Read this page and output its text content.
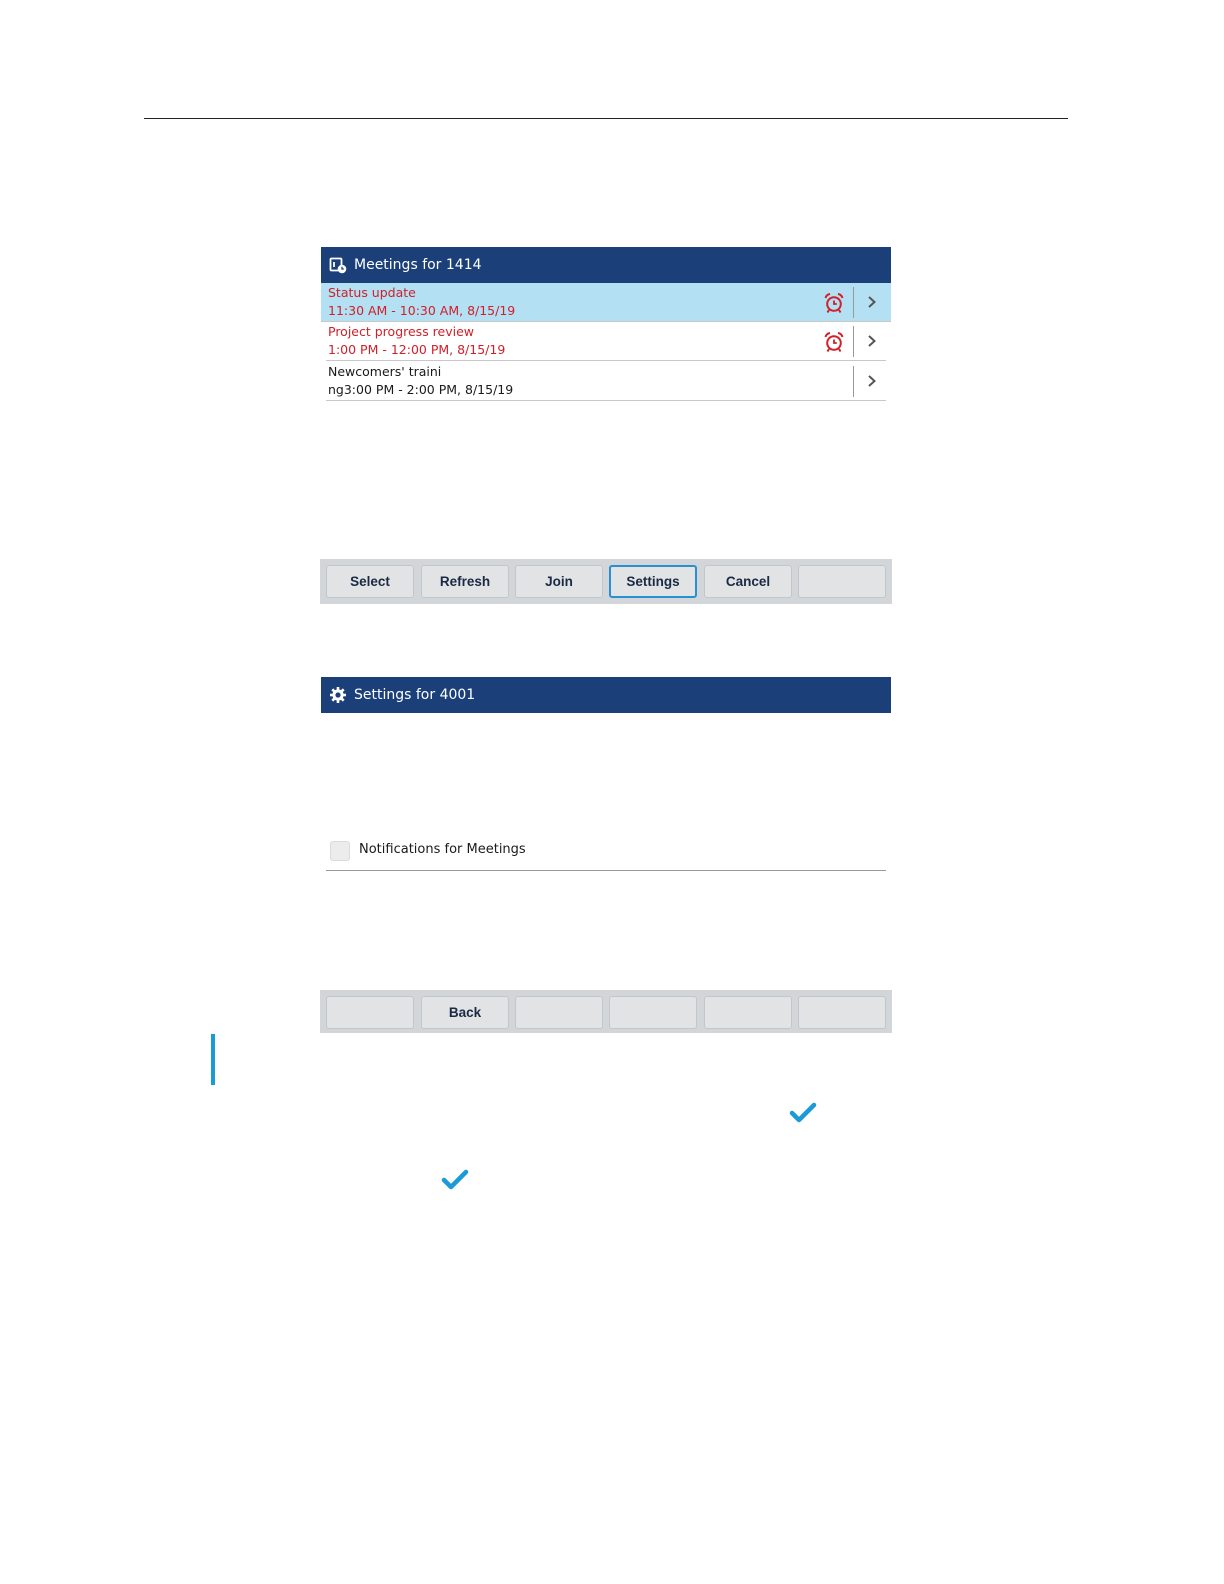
Meetings for 1414
Status update
11:30 AM - 10:30 AM, 8/15/19
Project progress review
1:00 PM - 12:00 PM, 8/15/19
Newcomers' traini
ng3:00 PM - 2:00 PM, 8/15/19
Select	Refresh	Join	Settings	Cancel
Settings for 4001
Notifications for Meetings
Back
